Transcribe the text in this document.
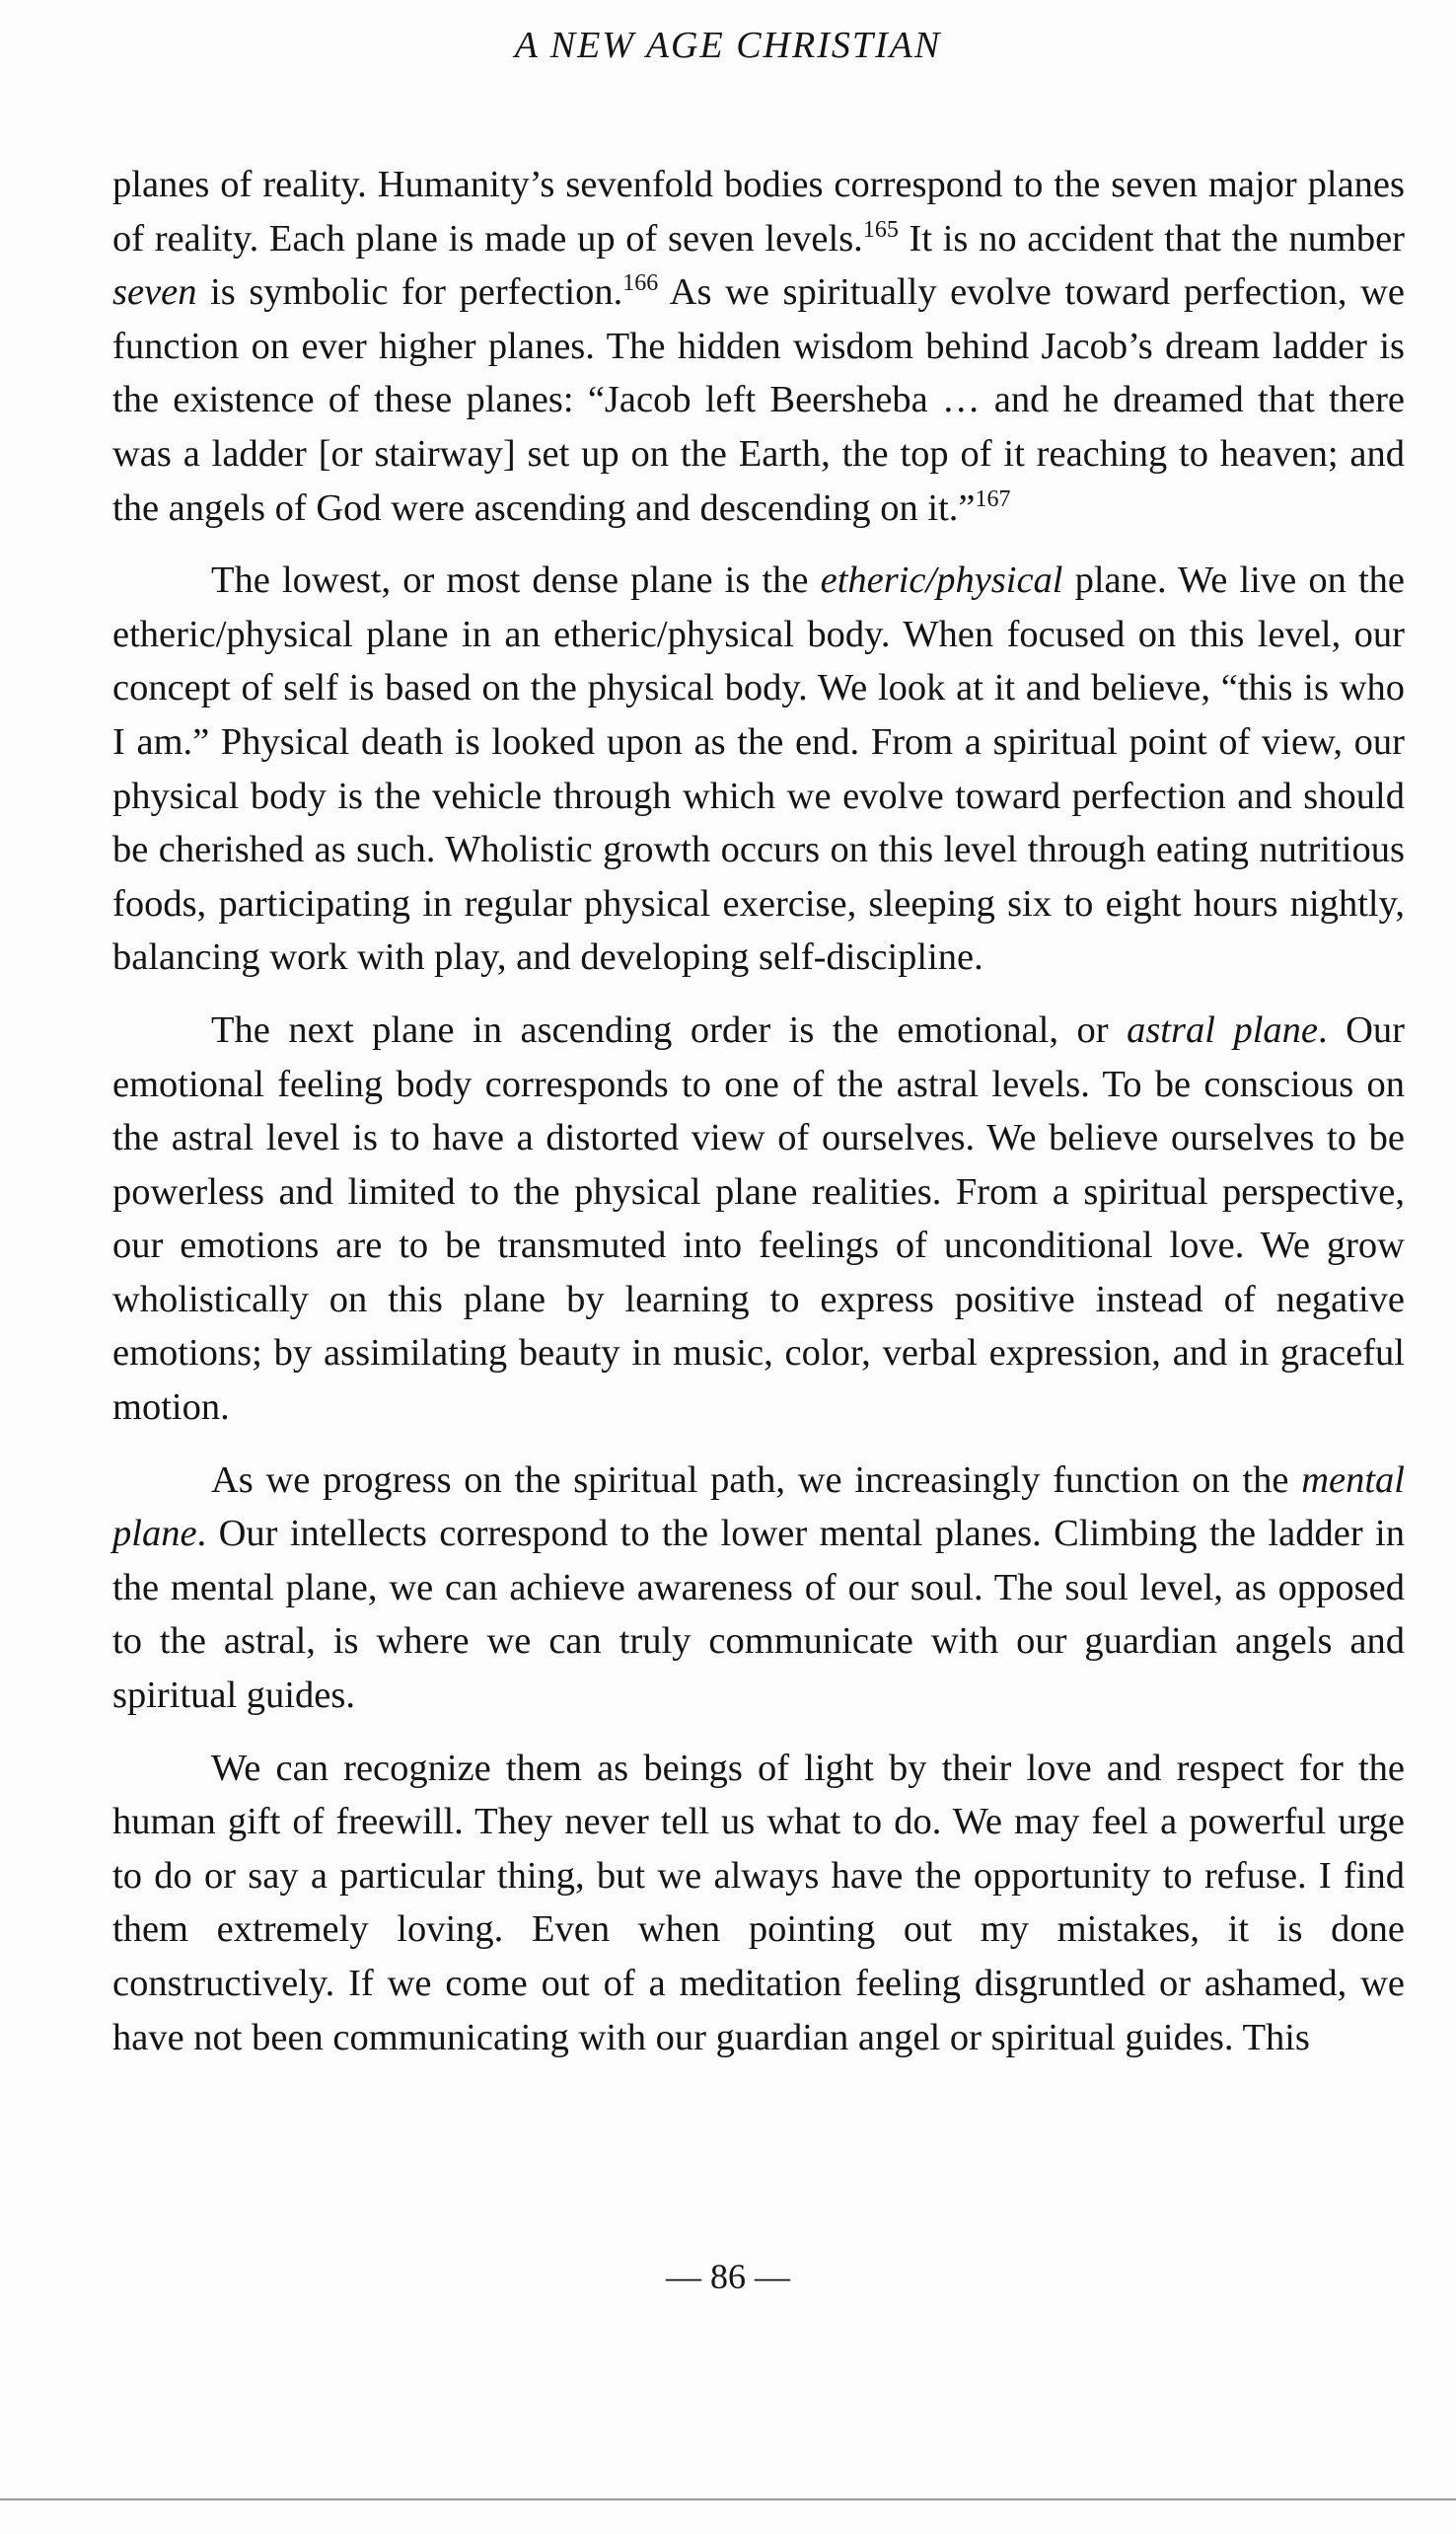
A NEW AGE CHRISTIAN

planes of reality. Humanity’s sevenfold bodies correspond to the seven major planes of reality. Each plane is made up of seven levels.$^{165}$ It is no accident that the number seven is symbolic for perfection.$^{166}$ As we spiritually evolve toward perfection, we function on ever higher planes. The hidden wisdom behind Jacob’s dream ladder is the existence of these planes: “Jacob left Beersheba … and he dreamed that there was a ladder [or stairway] set up on the Earth, the top of it reaching to heaven; and the angels of God were ascending and descending on it.”$^{167}$

The lowest, or most dense plane is the etheric/physical plane. We live on the etheric/physical plane in an etheric/physical body. When focused on this level, our concept of self is based on the physical body. We look at it and believe, “this is who I am.” Physical death is looked upon as the end. From a spiritual point of view, our physical body is the vehicle through which we evolve toward perfection and should be cherished as such. Wholistic growth occurs on this level through eating nutritious foods, participating in regular physical exercise, sleeping six to eight hours nightly, balancing work with play, and developing self-discipline.

The next plane in ascending order is the emotional, or astral plane. Our emotional feeling body corresponds to one of the astral levels. To be conscious on the astral level is to have a distorted view of ourselves. We believe ourselves to be powerless and limited to the physical plane realities. From a spiritual perspective, our emotions are to be transmuted into feelings of unconditional love. We grow wholistically on this plane by learning to express positive instead of negative emotions; by assimilating beauty in music, color, verbal expression, and in graceful motion.

As we progress on the spiritual path, we increasingly function on the mental plane. Our intellects correspond to the lower mental planes. Climbing the ladder in the mental plane, we can achieve awareness of our soul. The soul level, as opposed to the astral, is where we can truly communicate with our guardian angels and spiritual guides.

We can recognize them as beings of light by their love and respect for the human gift of freewill. They never tell us what to do. We may feel a powerful urge to do or say a particular thing, but we always have the opportunity to refuse. I find them extremely loving. Even when pointing out my mistakes, it is done constructively. If we come out of a meditation feeling disgruntled or ashamed, we have not been communicating with our guardian angel or spiritual guides. This

— 86 —
